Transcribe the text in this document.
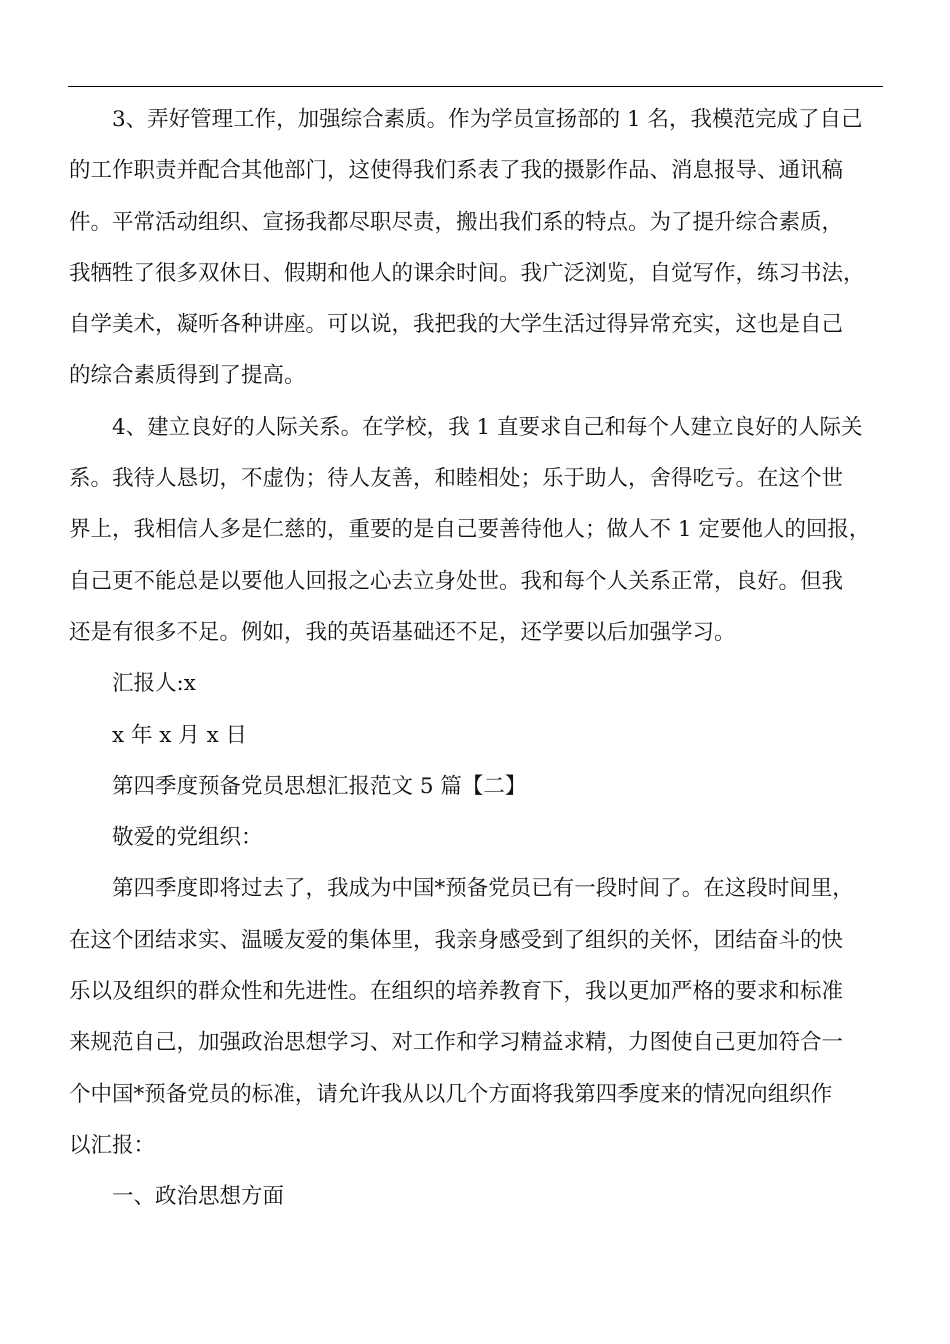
3、弄好管理工作，加强综合素质。作为学员宣扬部的 1 名，我模范完成了自己
的工作职责并配合其他部门，这使得我们系表了我的摄影作品、消息报导、通讯稿
件。平常活动组织、宣扬我都尽职尽责，搬出我们系的特点。为了提升综合素质，
我牺牲了很多双休日、假期和他人的课余时间。我广泛浏览，自觉写作，练习书法，
自学美术，凝听各种讲座。可以说，我把我的大学生活过得异常充实，这也是自己
的综合素质得到了提高。
4、建立良好的人际关系。在学校，我 1 直要求自己和每个人建立良好的人际关
系。我待人恳切，不虚伪；待人友善，和睦相处；乐于助人，舍得吃亏。在这个世
界上，我相信人多是仁慈的，重要的是自己要善待他人；做人不 1 定要他人的回报，
自己更不能总是以要他人回报之心去立身处世。我和每个人关系正常，良好。但我
还是有很多不足。例如，我的英语基础还不足，还学要以后加强学习。
汇报人:x
x 年 x 月 x 日
第四季度预备党员思想汇报范文 5 篇【二】
敬爱的党组织：
第四季度即将过去了，我成为中国*预备党员已有一段时间了。在这段时间里，
在这个团结求实、温暖友爱的集体里，我亲身感受到了组织的关怀，团结奋斗的快
乐以及组织的群众性和先进性。在组织的培养教育下，我以更加严格的要求和标准
来规范自己，加强政治思想学习、对工作和学习精益求精，力图使自己更加符合一
个中国*预备党员的标准，请允许我从以几个方面将我第四季度来的情况向组织作
以汇报：
一、政治思想方面
